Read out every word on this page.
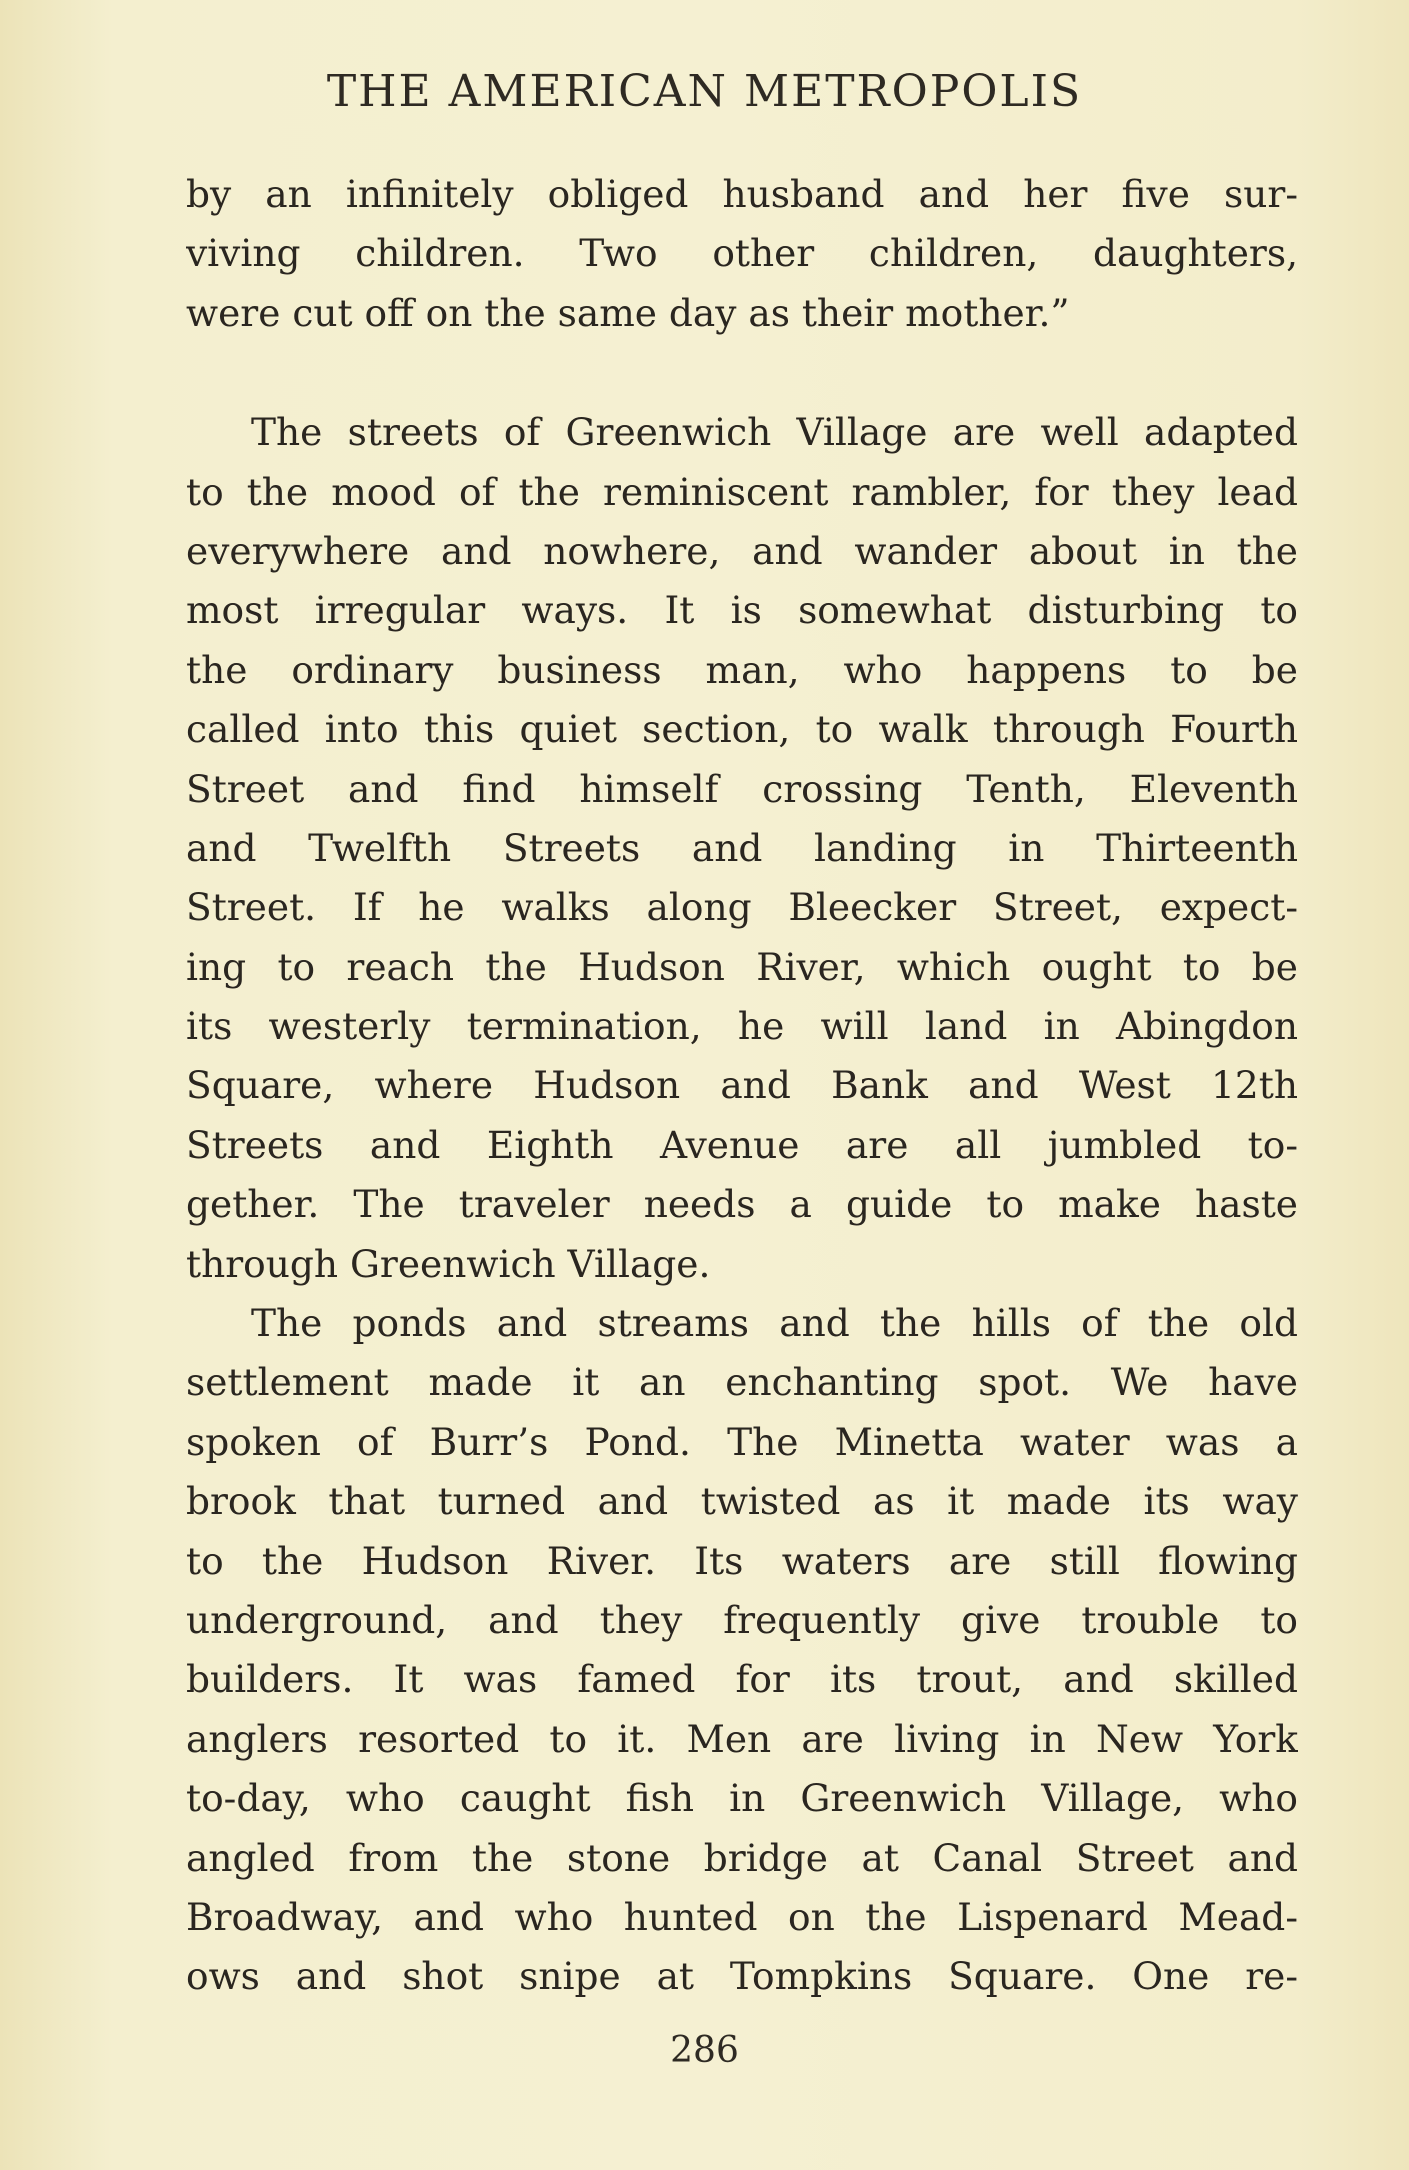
THE AMERICAN METROPOLIS
by an infinitely obliged husband and her five sur-
viving children. Two other children, daughters,
were cut off on the same day as their mother.”
The streets of Greenwich Village are well adapted
to the mood of the reminiscent rambler, for they lead
everywhere and nowhere, and wander about in the
most irregular ways. It is somewhat disturbing to
the ordinary business man, who happens to be
called into this quiet section, to walk through Fourth
Street and find himself crossing Tenth, Eleventh
and Twelfth Streets and landing in Thirteenth
Street. If he walks along Bleecker Street, expect-
ing to reach the Hudson River, which ought to be
its westerly termination, he will land in Abingdon
Square, where Hudson and Bank and West 12th
Streets and Eighth Avenue are all jumbled to-
gether. The traveler needs a guide to make haste
through Greenwich Village.
The ponds and streams and the hills of the old
settlement made it an enchanting spot. We have
spoken of Burr’s Pond. The Minetta water was a
brook that turned and twisted as it made its way
to the Hudson River. Its waters are still flowing
underground, and they frequently give trouble to
builders. It was famed for its trout, and skilled
anglers resorted to it. Men are living in New York
to-day, who caught fish in Greenwich Village, who
angled from the stone bridge at Canal Street and
Broadway, and who hunted on the Lispenard Mead-
ows and shot snipe at Tompkins Square. One re-
286
